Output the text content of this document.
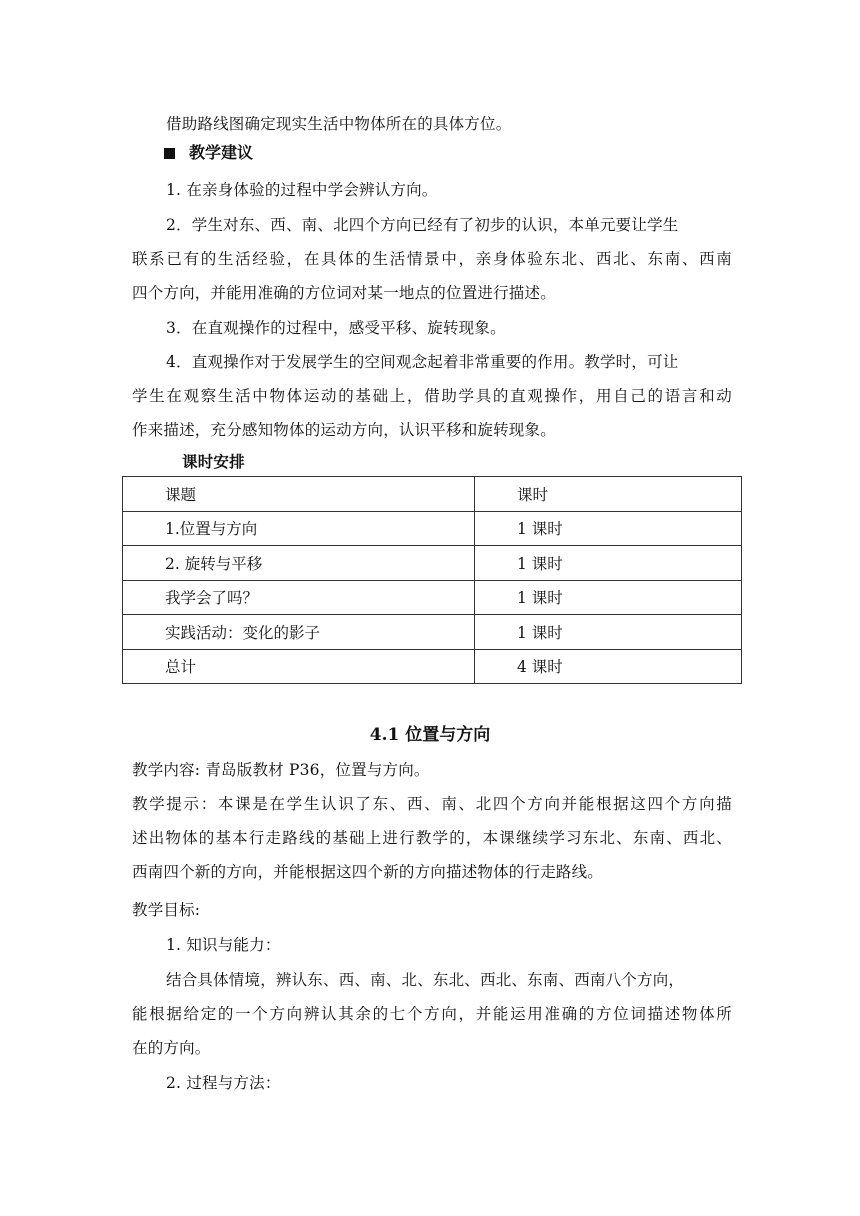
借助路线图确定现实生活中物体所在的具体方位。
教学建议
1. 在亲身体验的过程中学会辨认方向。
2．学生对东、西、南、北四个方向已经有了初步的认识，本单元要让学生
联系已有的生活经验，在具体的生活情景中，亲身体验东北、西北、东南、西南
四个方向，并能用准确的方位词对某一地点的位置进行描述。
3．在直观操作的过程中，感受平移、旋转现象。
4．直观操作对于发展学生的空间观念起着非常重要的作用。教学时，可让
学生在观察生活中物体运动的基础上，借助学具的直观操作，用自己的语言和动
作来描述，充分感知物体的运动方向，认识平移和旋转现象。
课时安排
课题	课时
1.位置与方向	1 课时
2. 旋转与平移	1 课时
我学会了吗？	1 课时
实践活动：变化的影子	1 课时
总计	4 课时
4.1 位置与方向
教学内容: 青岛版教材 P36，位置与方向。
教学提示：本课是在学生认识了东、西、南、北四个方向并能根据这四个方向描
述出物体的基本行走路线的基础上进行教学的，本课继续学习东北、东南、西北、
西南四个新的方向，并能根据这四个新的方向描述物体的行走路线。
教学目标:
1. 知识与能力：
结合具体情境，辨认东、西、南、北、东北、西北、东南、西南八个方向，
能根据给定的一个方向辨认其余的七个方向，并能运用准确的方位词描述物体所
在的方向。
2. 过程与方法：
